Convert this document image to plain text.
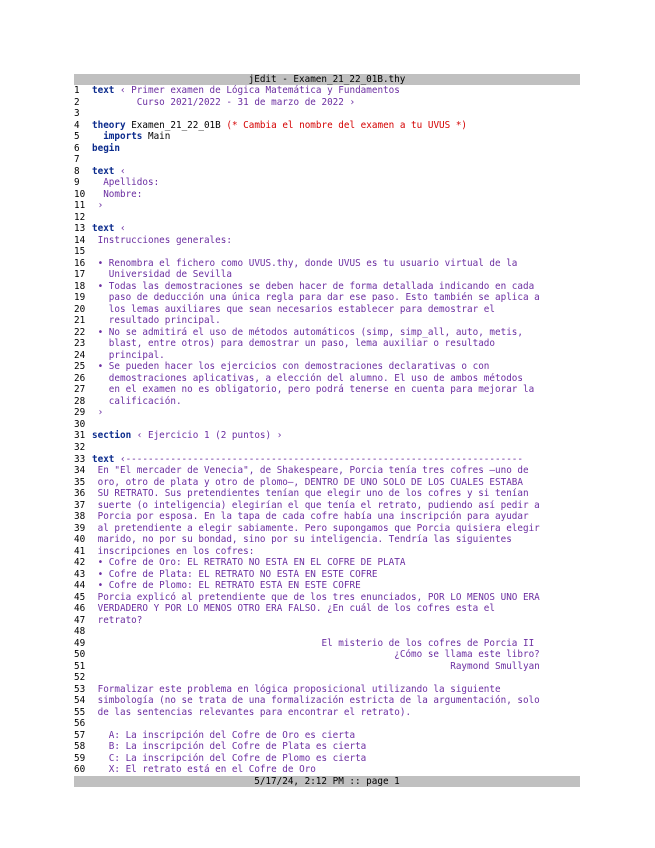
jEdit - Examen_21_22_01B.thy
1	text ‹ Primer examen de Lógica Matemática y Fundamentos
2	Curso 2021/2022 - 31 de marzo de 2022 ›
3
4	theory Examen_21_22_01B (* Cambia el nombre del examen a tu UVUS *)
5	imports Main
6	begin
7
8	text ‹
9	Apellidos:
10 Nombre:
11 ›
12
13 text ‹
14 Instrucciones generales:
15
16 • Renombra el fichero como UVUS.thy, donde UVUS es tu usuario virtual de la
17 Universidad de Sevilla
18 • Todas las demostraciones se deben hacer de forma detallada indicando en cada
19 paso de deducción una única regla para dar ese paso. Esto también se aplica a
20 los lemas auxiliares que sean necesarios establecer para demostrar el
21 resultado principal.
22 • No se admitirá el uso de métodos automáticos (simp, simp_all, auto, metis,
23 blast, entre otros) para demostrar un paso, lema auxiliar o resultado
24 principal.
25 • Se pueden hacer los ejercicios con demostraciones declarativas o con
26 demostraciones aplicativas, a elección del alumno. El uso de ambos métodos
27 en el examen no es obligatorio, pero podrá tenerse en cuenta para mejorar la
28 calificación.
29 ›
30
31 section ‹ Ejercicio 1 (2 puntos) ›
32
33 text ‹-----------------------------------------------------------------------
34 En "El mercader de Venecia", de Shakespeare, Porcia tenía tres cofres —uno de
35 oro, otro de plata y otro de plomo—, DENTRO DE UNO SOLO DE LOS CUALES ESTABA
36 SU RETRATO. Sus pretendientes tenían que elegir uno de los cofres y si tenían
37 suerte (o inteligencia) elegirían el que tenía el retrato, pudiendo así pedir a
38 Porcia por esposa. En la tapa de cada cofre había una inscripción para ayudar
39 al pretendiente a elegir sabiamente. Pero supongamos que Porcia quisiera elegir
40 marido, no por su bondad, sino por su inteligencia. Tendría las siguientes
41 inscripciones en los cofres:
42 • Cofre de Oro: EL RETRATO NO ESTÁ EN EL COFRE DE PLATA
43 • Cofre de Plata: EL RETRATO NO ESTÁ EN ESTE COFRE
44 • Cofre de Plomo: EL RETRATO ESTÁ EN ESTE COFRE
45 Porcia explicó al pretendiente que de los tres enunciados, POR LO MENOS UNO ERA
46 VERDADERO Y POR LO MENOS OTRO ERA FALSO. ¿En cuál de los cofres esta el
47 retrato?
48
49 El misterio de los cofres de Porcia II
50 ¿Cómo se llama este libro?
51 Raymond Smullyan
52
53 Formalizar este problema en lógica proposicional utilizando la siguiente
54 simbología (no se trata de una formalización estricta de la argumentación, solo
55 de las sentencias relevantes para encontrar el retrato).
56
57 A: La inscripción del Cofre de Oro es cierta
58 B: La inscripción del Cofre de Plata es cierta
59 C: La inscripción del Cofre de Plomo es cierta
60 X: El retrato está en el Cofre de Oro
5/17/24, 2:12 PM :: page 1
